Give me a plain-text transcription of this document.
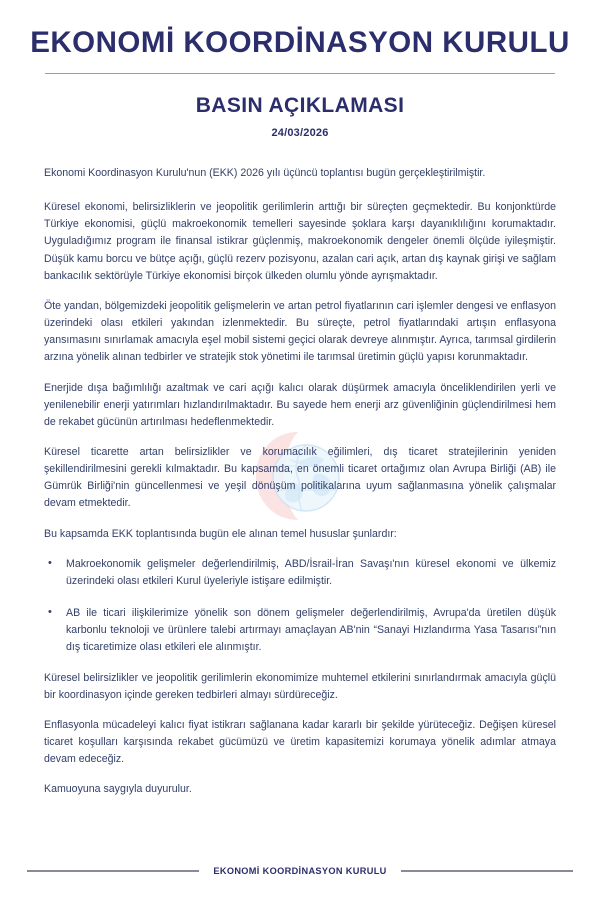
EKONOMİ KOORDİNASYON KURULU
BASIN AÇIKLAMASI
24/03/2026

Ekonomi Koordinasyon Kurulu'nun (EKK) 2026 yılı üçüncü toplantısı bugün gerçekleştirilmiştir.

Küresel ekonomi, belirsizliklerin ve jeopolitik gerilimlerin arttığı bir süreçten geçmektedir. Bu konjonktürde Türkiye ekonomisi, güçlü makroekonomik temelleri sayesinde şoklara karşı dayanıklılığını korumaktadır. Uyguladığımız program ile finansal istikrar güçlenmiş, makroekonomik dengeler önemli ölçüde iyileşmiştir. Düşük kamu borcu ve bütçe açığı, güçlü rezerv pozisyonu, azalan cari açık, artan dış kaynak girişi ve sağlam bankacılık sektörüyle Türkiye ekonomisi birçok ülkeden olumlu yönde ayrışmaktadır.

Öte yandan, bölgemizdeki jeopolitik gelişmelerin ve artan petrol fiyatlarının cari işlemler dengesi ve enflasyon üzerindeki olası etkileri yakından izlenmektedir. Bu süreçte, petrol fiyatlarındaki artışın enflasyona yansımasını sınırlamak amacıyla eşel mobil sistemi geçici olarak devreye alınmıştır. Ayrıca, tarımsal girdilerin arzına yönelik alınan tedbirler ve stratejik stok yönetimi ile tarımsal üretimin güçlü yapısı korunmaktadır.

Enerjide dışa bağımlılığı azaltmak ve cari açığı kalıcı olarak düşürmek amacıyla önceliklendirilen yerli ve yenilenebilir enerji yatırımları hızlandırılmaktadır. Bu sayede hem enerji arz güvenliğinin güçlendirilmesi hem de rekabet gücünün artırılması hedeflenmektedir.

Küresel ticarette artan belirsizlikler ve korumacılık eğilimleri, dış ticaret stratejilerinin yeniden şekillendirilmesini gerekli kılmaktadır. Bu kapsamda, en önemli ticaret ortağımız olan Avrupa Birliği (AB) ile Gümrük Birliği'nin güncellenmesi ve yeşil dönüşüm politikalarına uyum sağlanmasına yönelik çalışmalar devam etmektedir.

Bu kapsamda EKK toplantısında bugün ele alınan temel hususlar şunlardır:

• Makroekonomik gelişmeler değerlendirilmiş, ABD/İsrail-İran Savaşı'nın küresel ekonomi ve ülkemiz üzerindeki olası etkileri Kurul üyeleriyle istişare edilmiştir.
• AB ile ticari ilişkilerimize yönelik son dönem gelişmeler değerlendirilmiş, Avrupa'da üretilen düşük karbonlu teknoloji ve ürünlere talebi artırmayı amaçlayan AB'nin “Sanayi Hızlandırma Yasa Tasarısı”nın dış ticaretimize olası etkileri ele alınmıştır.

Küresel belirsizlikler ve jeopolitik gerilimlerin ekonomimize muhtemel etkilerini sınırlandırmak amacıyla güçlü bir koordinasyon içinde gereken tedbirleri almayı sürdüreceğiz.

Enflasyonla mücadeleyi kalıcı fiyat istikrarı sağlanana kadar kararlı bir şekilde yürüteceğiz. Değişen küresel ticaret koşulları karşısında rekabet gücümüzü ve üretim kapasitemizi korumaya yönelik adımlar atmaya devam edeceğiz.

Kamuoyuna saygıyla duyurulur.

EKONOMİ KOORDİNASYON KURULU
